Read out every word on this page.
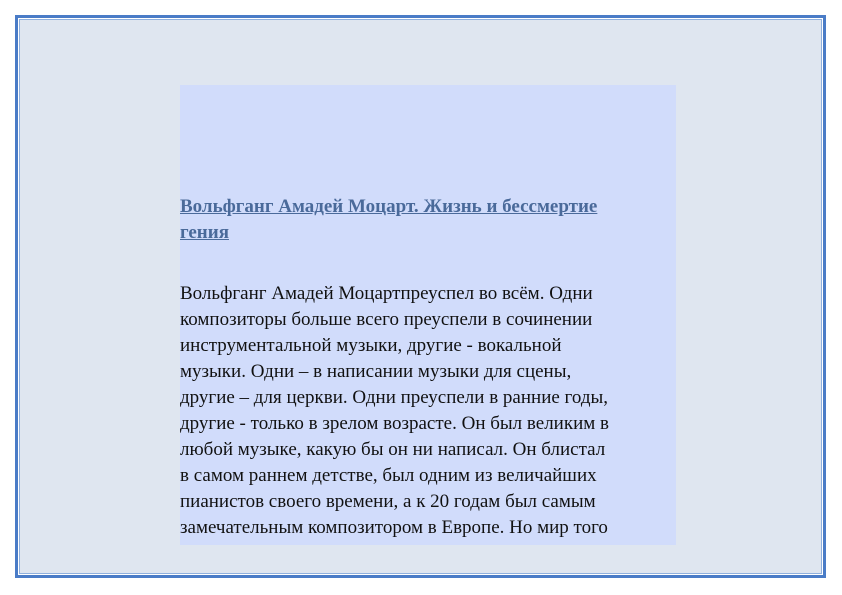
Вольфганг Амадей Моцарт. Жизнь и бессмертие
гения

Вольфганг Амадей Моцартпреуспел во всём. Одни
композиторы больше всего преуспели в сочинении
инструментальной музыки, другие - вокальной
музыки. Одни – в написании музыки для сцены,
другие – для церкви. Одни преуспели в ранние годы,
другие - только в зрелом возрасте. Он был великим в
любой музыке, какую бы он ни написал. Он блистал
в самом раннем детстве, был одним из величайших
пианистов своего времени, а к 20 годам был самым
замечательным композитором в Европе. Но мир того
